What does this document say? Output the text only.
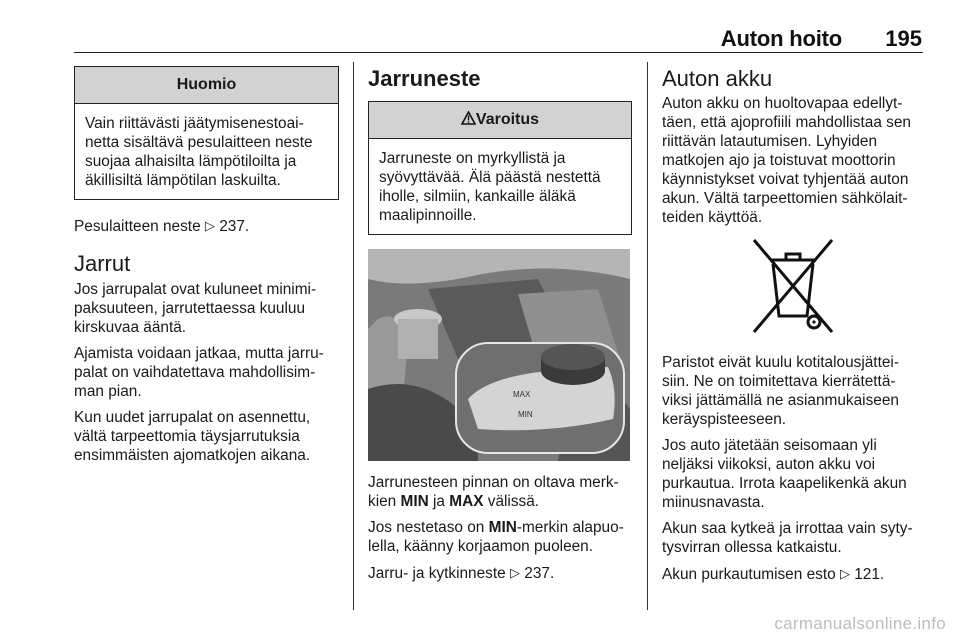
Auton hoito 195
Huomio
Vain riittävästi jäätymisenestoai-netta sisältävä pesulaitteen neste suojaa alhaisilta lämpötiloilta ja äkillisiltä lämpötilan laskuilta.

Pesulaitteen neste ▷ 237.

Jarrut

Jos jarrupalat ovat kuluneet minimi-paksuuteen, jarrutettaessa kuuluu kirskuvaa ääntä.

Ajamista voidaan jatkaa, mutta jarru-palat on vaihdatettava mahdollisim-man pian.

Kun uudet jarrupalat on asennettu, vältä tarpeettomia täysjarrutuksia ensimmäisten ajomatkojen aikana.

Jarruneste
Varoitus
Jarruneste on myrkyllistä ja syövyttävää. Älä päästä nestettä iholle, silmiin, kankaille äläkä maalipinnoille.
MAX
MIN

Jarrunesteen pinnan on oltava merk-kien MIN ja MAX välissä.

Jos nestetaso on MIN-merkin alapuo-lella, käänny korjaamon puoleen.

Jarru- ja kytkinneste ▷ 237.

Auton akku

Auton akku on huoltovapaa edellyt-täen, että ajoprofiili mahdollistaa sen riittävän latautumisen. Lyhyiden matkojen ajo ja toistuvat moottorin käynnistykset voivat tyhjentää auton akun. Vältä tarpeettomien sähkölait-teiden käyttöä.

Paristot eivät kuulu kotitalousjättei-siin. Ne on toimitettava kierrätettä-viksi jättämällä ne asianmukaiseen keräyspisteeseen.

Jos auto jätetään seisomaan yli neljäksi viikoksi, auton akku voi purkautua. Irrota kaapelikenkä akun miinusnavasta.

Akun saa kytkeä ja irrottaa vain syty-tysvirran ollessa katkaistu.

Akun purkautumisen esto ▷ 121.

carmanualsonline.info
